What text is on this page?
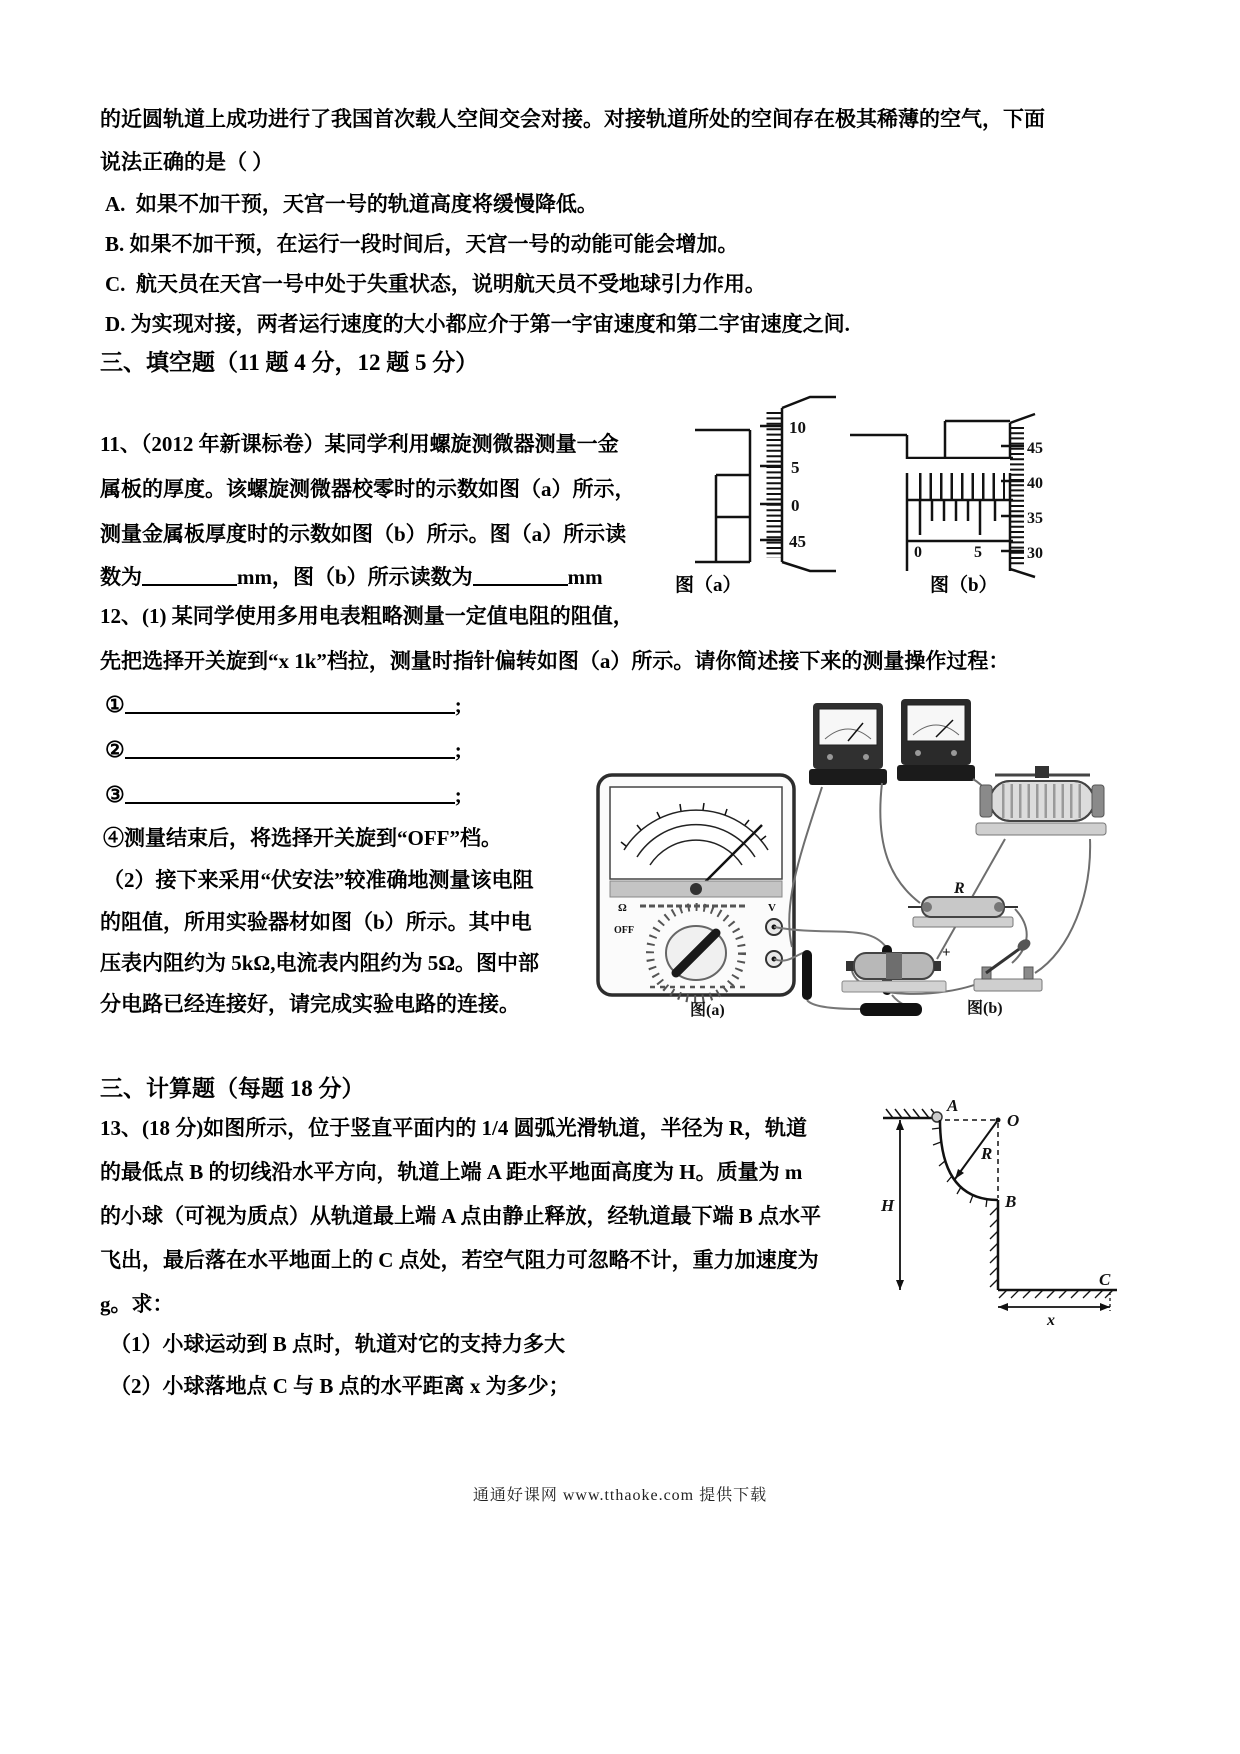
的近圆轨道上成功进行了我国首次载人空间交会对接。对接轨道所处的空间存在极其稀薄的空气，下面
说法正确的是（ ）
A. 如果不加干预，天宫一号的轨道高度将缓慢降低。
B. 如果不加干预，在运行一段时间后，天宫一号的动能可能会增加。
C. 航天员在天宫一号中处于失重状态，说明航天员不受地球引力作用。
D. 为实现对接，两者运行速度的大小都应介于第一宇宙速度和第二宇宙速度之间.
三、填空题（11 题 4 分，12 题 5 分）
11、（2012 年新课标卷）某同学利用螺旋测微器测量一金
属板的厚度。该螺旋测微器校零时的示数如图（a）所示，
测量金属板厚度时的示数如图（b）所示。图（a）所示读
数为	mm，图（b）所示读数为	mm
10
5
0
45
0	5
45
40
35
30
图（a）	图（b）
12、(1) 某同学使用多用电表粗略测量一定值电阻的阻值，
先把选择开关旋到“x 1k”档拉，测量时指针偏转如图（a）所示。请你简述接下来的测量操作过程：
①	;
②	;
③	;
④测量结束后，将选择开关旋到“OFF”档。
（2）接下来采用“伏安法”较准确地测量该电阻
的阻值，所用实验器材如图（b）所示。其中电
压表内阻约为 5kΩ,电流表内阻约为 5Ω。图中部
分电路已经连接好，请完成实验电路的连接。
Ω	V
OFF
R
+
图(a)	图(b)
三、计算题（每题 18 分）
13、(18 分)如图所示，位于竖直平面内的 1/4 圆弧光滑轨道，半径为 R，轨道
的最低点 B 的切线沿水平方向，轨道上端 A 距水平地面高度为 H。质量为 m
的小球（可视为质点）从轨道最上端 A 点由静止释放，经轨道最下端 B 点水平
飞出，最后落在水平地面上的 C 点处，若空气阻力可忽略不计，重力加速度为
g。求：
（1）小球运动到 B 点时，轨道对它的支持力多大
（2）小球落地点 C 与 B 点的水平距离 x 为多少；
A
O
R
B
C
H
x
通通好课网 www.tthaoke.com 提供下载
